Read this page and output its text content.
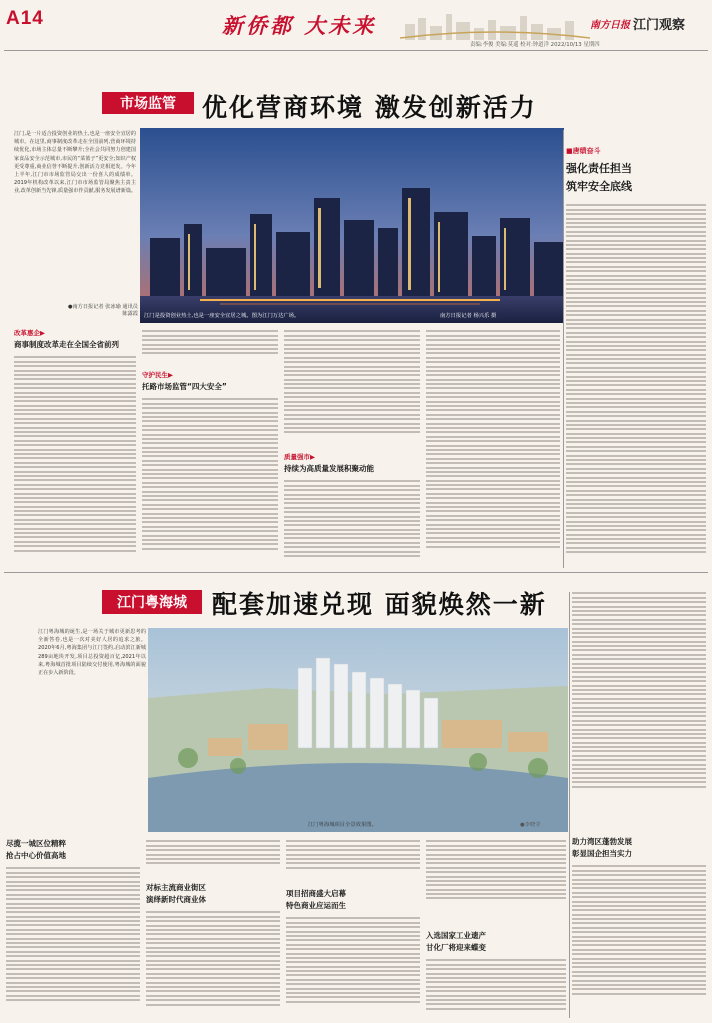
A14	新侨都 大未来	南方日报 江门观察
责编:李俊 美编:莫遥 校对:钟道洋 2022/10/13 星期四
市场监管	优化营商环境 激发创新活力
江门,是一片适合投资创业的热土,也是一座安全宜居的城市。在这里,商事制度改革走在全国前列,营商环境持续优化,市场主体总量不断攀升;全社会共同努力创建国家食品安全示范城市,市民的“菜篮子”更安全;知识产权更受尊重,商业信誉不断提升,创新活力竞相迸发。今年上半年,江门市市场监管局交出一份喜人的成绩单。2019年机构改革以来,江门市市场监管局聚焦主责主业,改革创新当先锋,质量强市作贡献,服务发展谱新篇。
●南方日报记者 张冰瑜 通讯员 陈露霞 江门是投资创业热土,也是一座安全宜居之城。图为江门万达广场。	南方日报记者 杨兴乐 摄
■唐绩奋斗
强化责任担当
筑牢安全底线
改革惠企▶
商事制度改革走在全国全省前列
守护民生▶
托路市场监管“四大安全”
质量强市▶
持续为高质量发展积聚动能
江门粤海城	配套加速兑现 面貌焕然一新
江门粤海城的诞生,是一场关于城市更新思考的全新答卷,也是一次对美好人居的追求之旅。2020年6月,粤海集团与江门签约,启动滨江新城289亩地块开发,项目总投资超百亿,2021年以来,粤海城首批项目陆续交付使用,粤海城的面貌正在步入新阶段。
江门粤海城项目全景效果图。	●李晓莹
助力湾区蓬勃发展
彰显国企担当实力
尽揽一城区位精粹
抢占中心价值高地
对标主流商业街区
演绎新时代商业体
项目招商盛大启幕
特色商业应运而生
入选国家工业遗产
甘化厂将迎来蝶变
